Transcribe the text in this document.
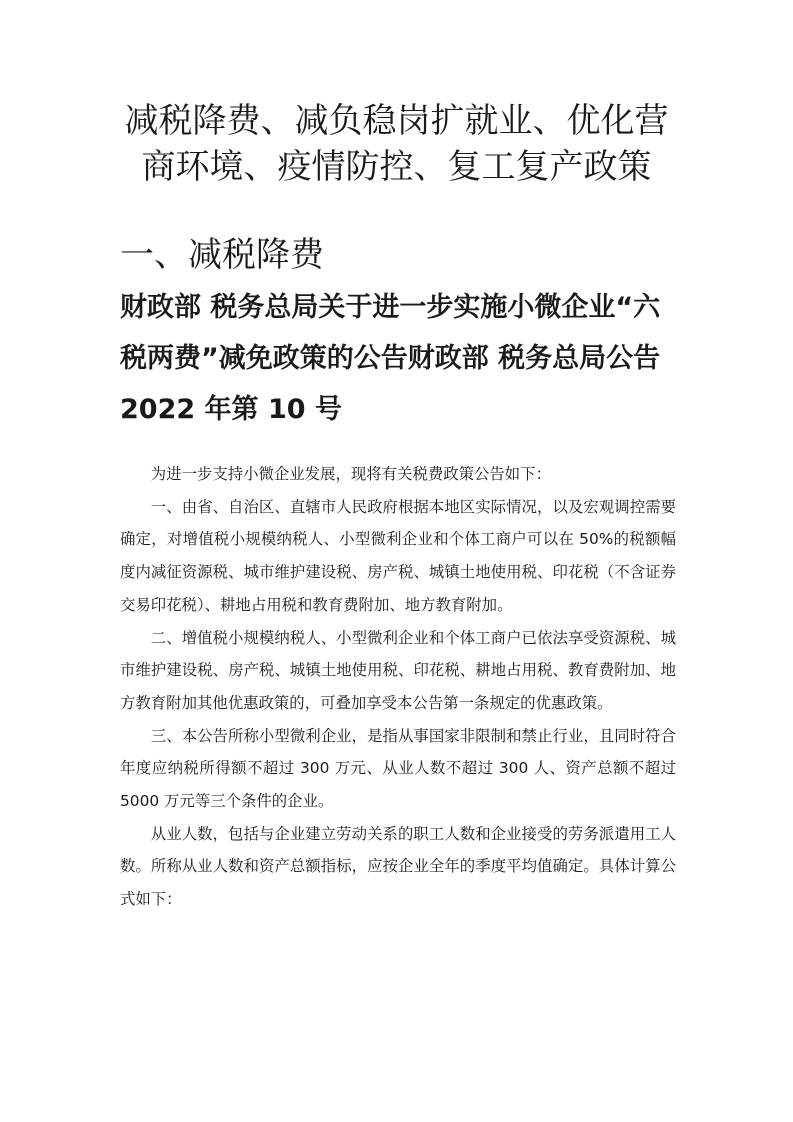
减税降费、减负稳岗扩就业、优化营商环境、疫情防控、复工复产政策
一、减税降费
财政部 税务总局关于进一步实施小微企业“六税两费”减免政策的公告财政部 税务总局公告 2022 年第 10 号

为进一步支持小微企业发展，现将有关税费政策公告如下：

一、由省、自治区、直辖市人民政府根据本地区实际情况，以及宏观调控需要确定，对增值税小规模纳税人、小型微利企业和个体工商户可以在 50%的税额幅度内减征资源税、城市维护建设税、房产税、城镇土地使用税、印花税（不含证券交易印花税）、耕地占用税和教育费附加、地方教育附加。

二、增值税小规模纳税人、小型微利企业和个体工商户已依法享受资源税、城市维护建设税、房产税、城镇土地使用税、印花税、耕地占用税、教育费附加、地方教育附加其他优惠政策的，可叠加享受本公告第一条规定的优惠政策。

三、本公告所称小型微利企业，是指从事国家非限制和禁止行业，且同时符合年度应纳税所得额不超过 300 万元、从业人数不超过 300 人、资产总额不超过 5000 万元等三个条件的企业。

从业人数，包括与企业建立劳动关系的职工人数和企业接受的劳务派遣用工人数。所称从业人数和资产总额指标，应按企业全年的季度平均值确定。具体计算公式如下：
